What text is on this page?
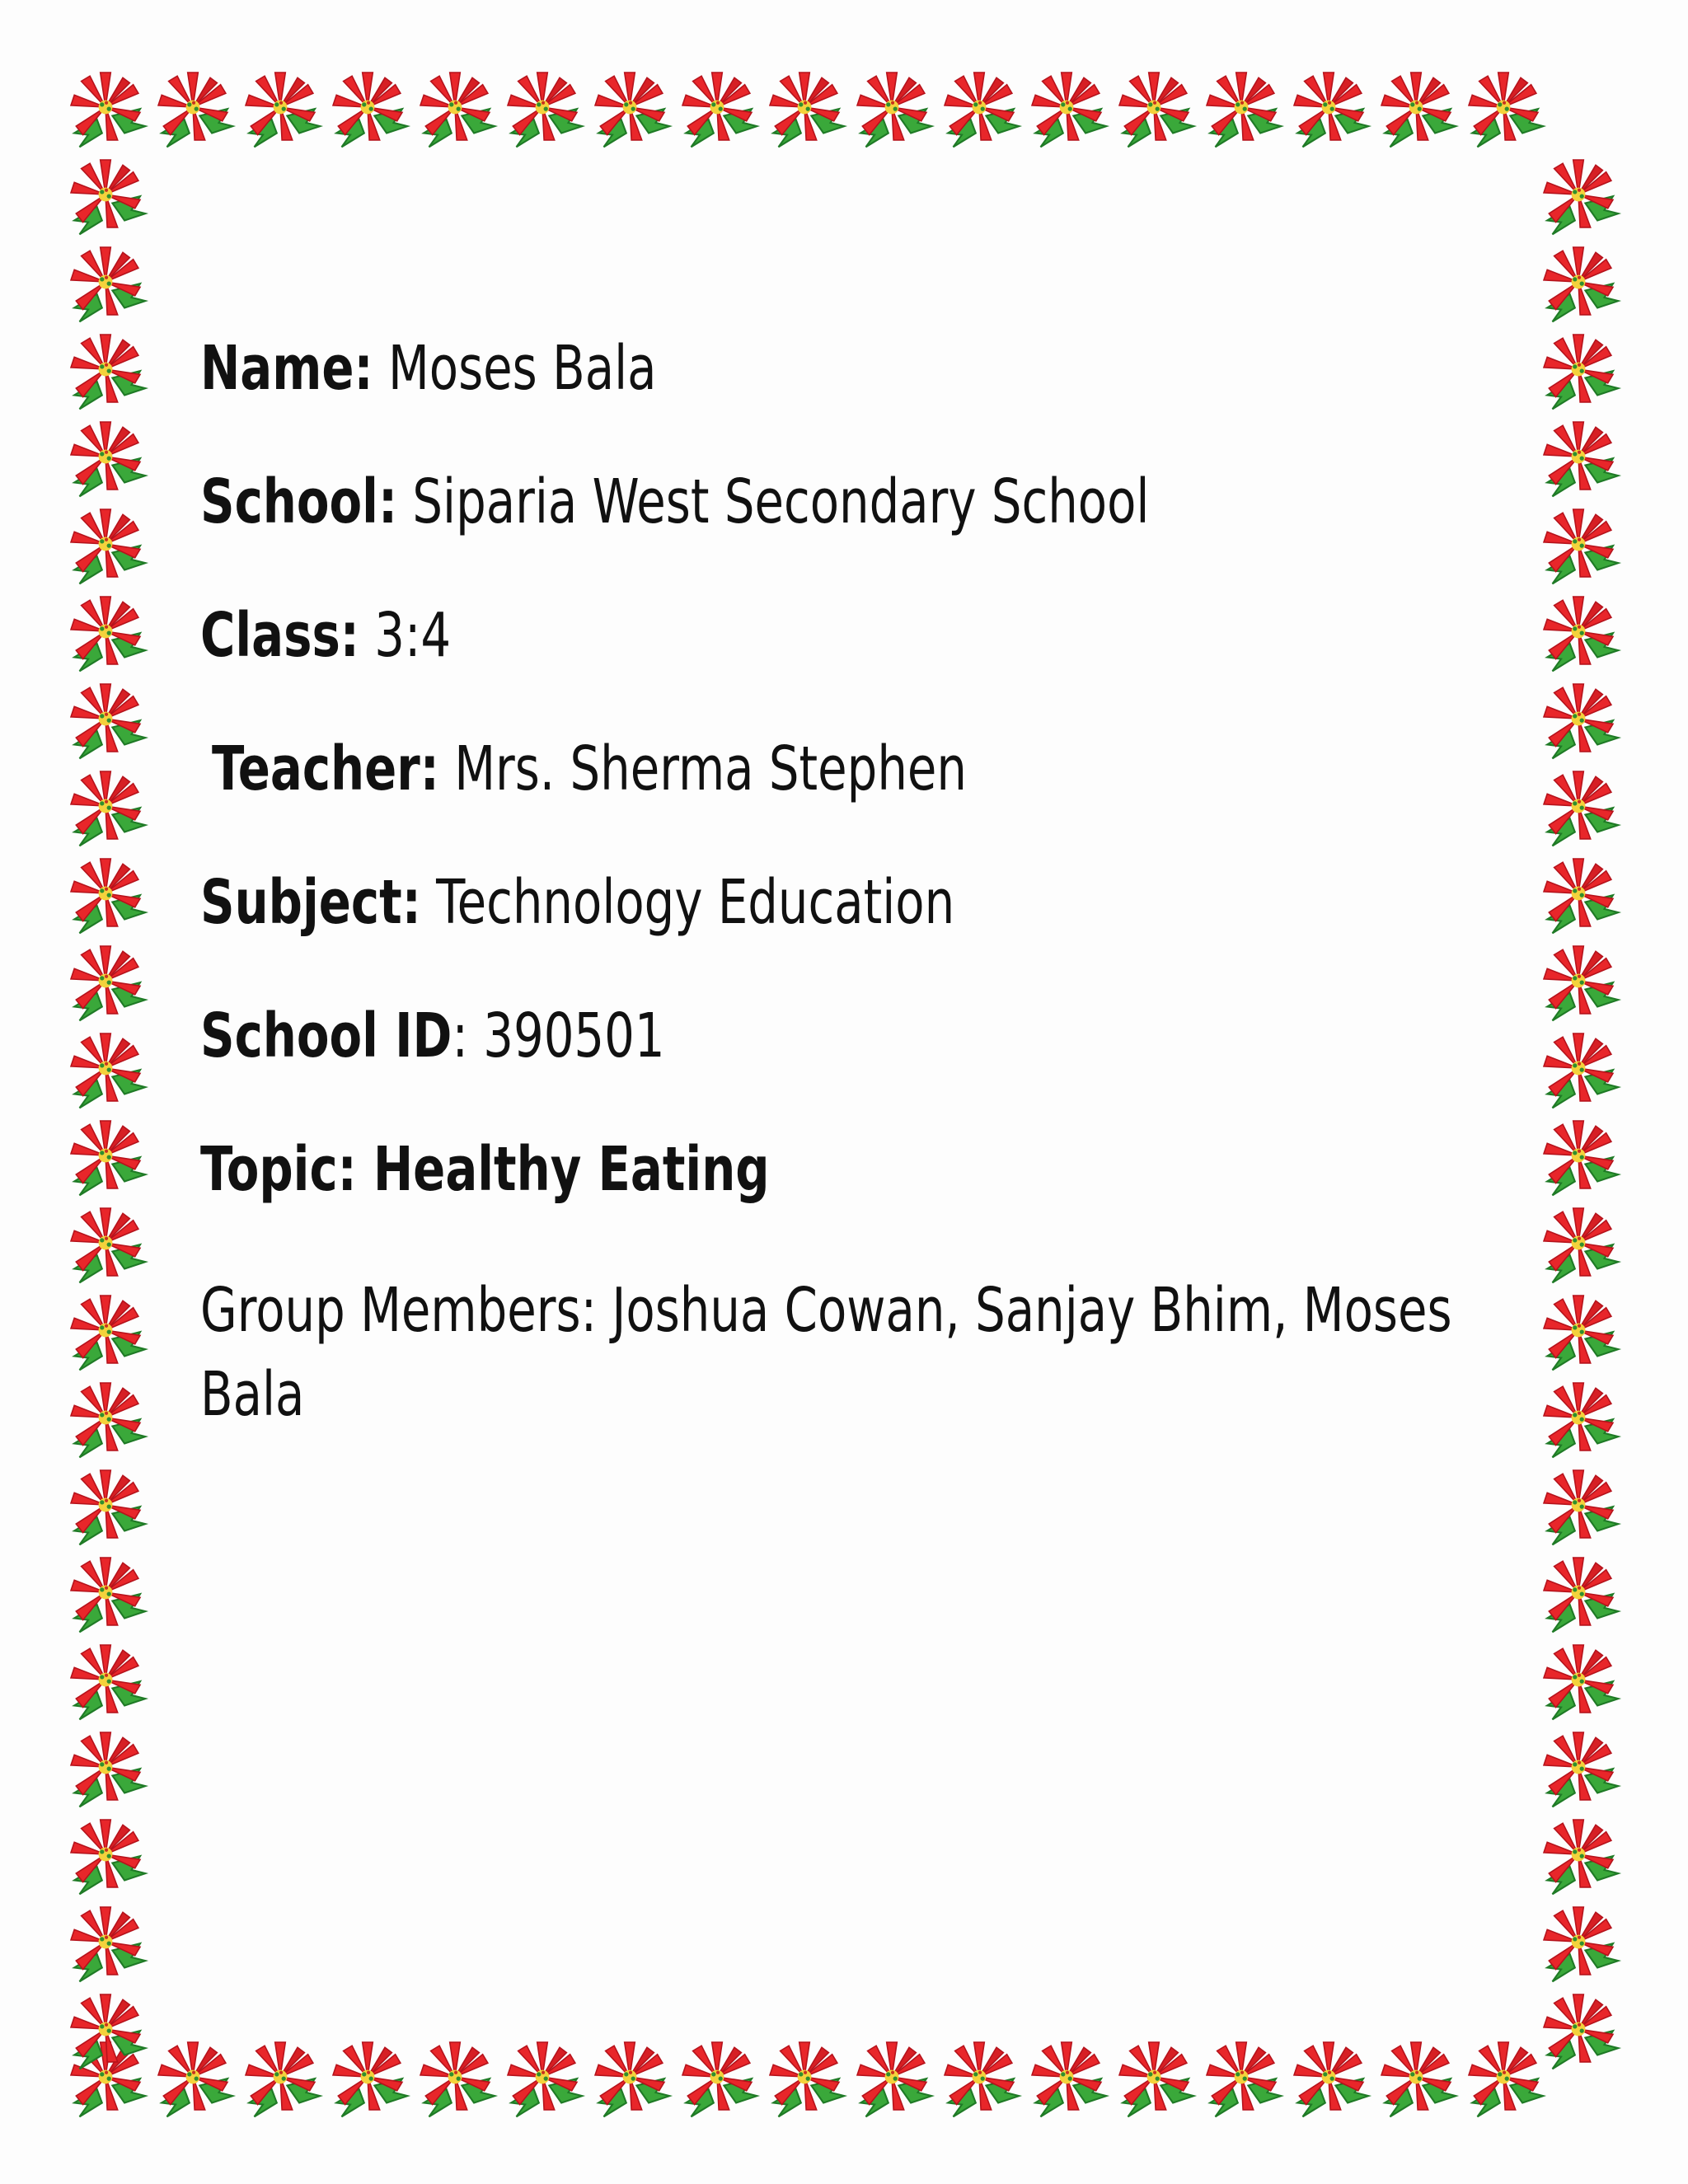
Name: Moses Bala
School: Siparia West Secondary School
Class: 3:4
Teacher: Mrs. Sherma Stephen
Subject: Technology Education
School ID: 390501
Topic: Healthy Eating
Group Members: Joshua Cowan, Sanjay Bhim, Moses Bala
